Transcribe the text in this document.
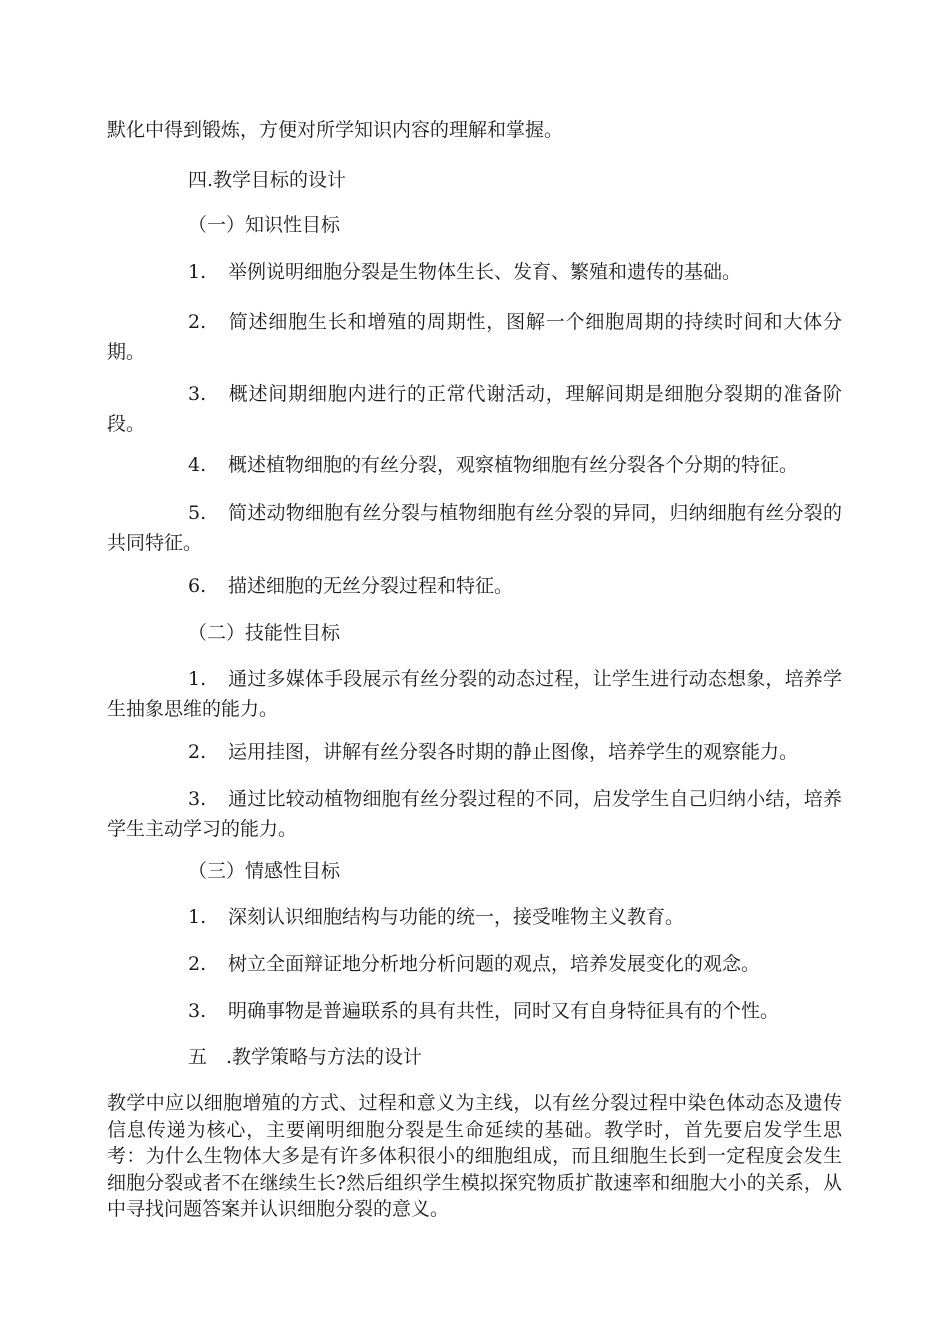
默化中得到锻炼，方便对所学知识内容的理解和掌握。
四.教学目标的设计
（一）知识性目标
1. 举例说明细胞分裂是生物体生长、发育、繁殖和遗传的基础。
2. 简述细胞生长和增殖的周期性，图解一个细胞周期的持续时间和大体分期。
3. 概述间期细胞内进行的正常代谢活动，理解间期是细胞分裂期的准备阶段。
4. 概述植物细胞的有丝分裂，观察植物细胞有丝分裂各个分期的特征。
5. 简述动物细胞有丝分裂与植物细胞有丝分裂的异同，归纳细胞有丝分裂的共同特征。
6. 描述细胞的无丝分裂过程和特征。
（二）技能性目标
1. 通过多媒体手段展示有丝分裂的动态过程，让学生进行动态想象，培养学生抽象思维的能力。
2. 运用挂图，讲解有丝分裂各时期的静止图像，培养学生的观察能力。
3. 通过比较动植物细胞有丝分裂过程的不同，启发学生自己归纳小结，培养学生主动学习的能力。
（三）情感性目标
1. 深刻认识细胞结构与功能的统一，接受唯物主义教育。
2. 树立全面辩证地分析地分析问题的观点，培养发展变化的观念。
3. 明确事物是普遍联系的具有共性，同时又有自身特征具有的个性。
五　.教学策略与方法的设计
教学中应以细胞增殖的方式、过程和意义为主线，以有丝分裂过程中染色体动态及遗传信息传递为核心，主要阐明细胞分裂是生命延续的基础。教学时，首先要启发学生思考：为什么生物体大多是有许多体积很小的细胞组成，而且细胞生长到一定程度会发生细胞分裂或者不在继续生长?然后组织学生模拟探究物质扩散速率和细胞大小的关系，从中寻找问题答案并认识细胞分裂的意义。
